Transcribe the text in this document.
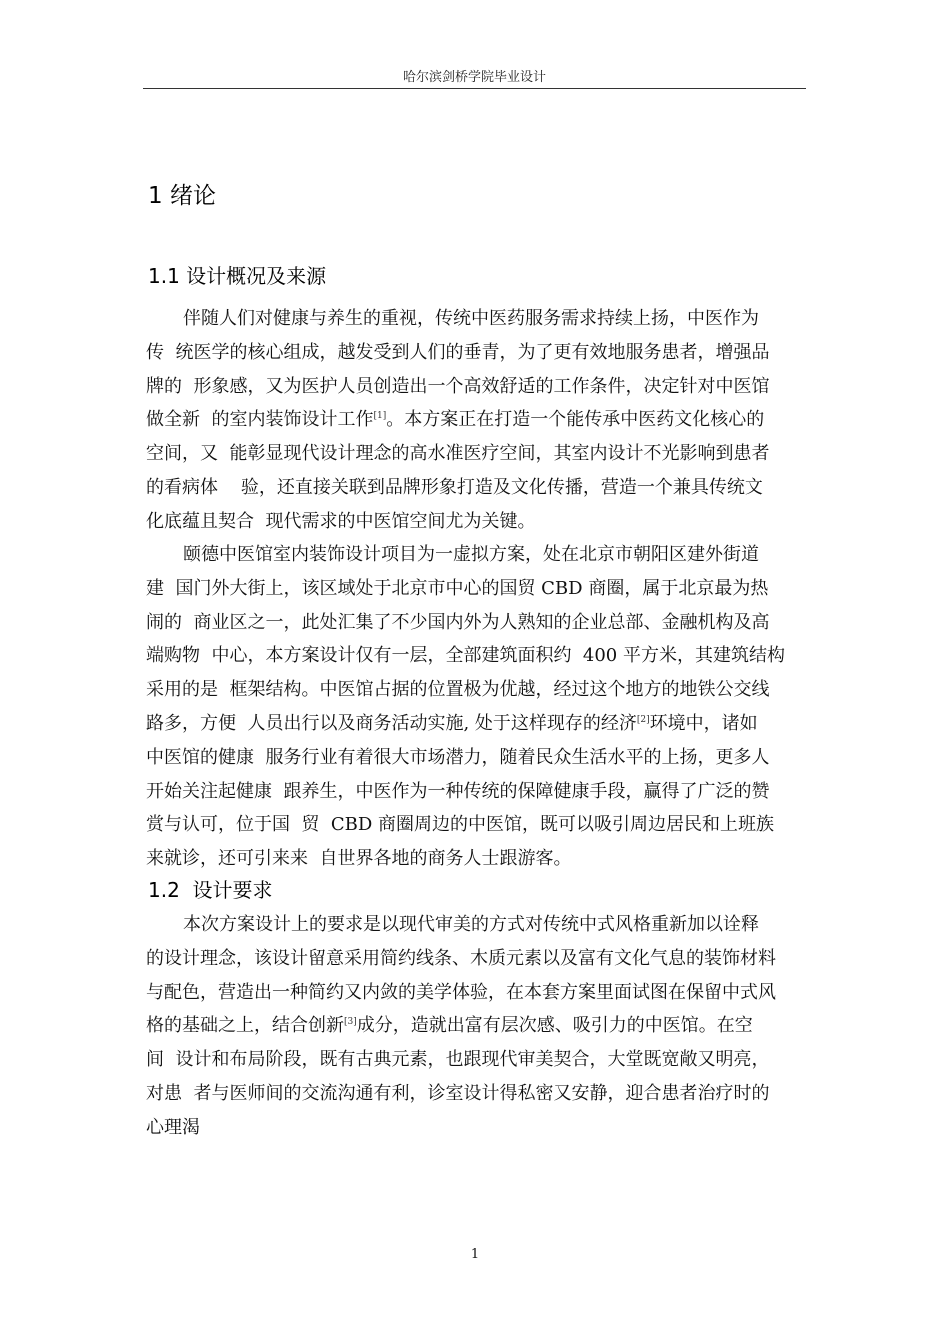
哈尔滨剑桥学院毕业设计
1 绪论
1.1 设计概况及来源
伴随人们对健康与养生的重视，传统中医药服务需求持续上扬，中医作为
传  统医学的核心组成，越发受到人们的垂青，为了更有效地服务患者，增强品
牌的  形象感，又为医护人员创造出一个高效舒适的工作条件，决定针对中医馆
做全新  的室内装饰设计工作[1]。本方案正在打造一个能传承中医药文化核心的
空间，又  能彰显现代设计理念的高水准医疗空间，其室内设计不光影响到患者
的看病体    验，还直接关联到品牌形象打造及文化传播，营造一个兼具传统文
化底蕴且契合  现代需求的中医馆空间尤为关键。
颐德中医馆室内装饰设计项目为一虚拟方案，处在北京市朝阳区建外街道
建  国门外大街上，该区域处于北京市中心的国贸 CBD 商圈，属于北京最为热
闹的  商业区之一，此处汇集了不少国内外为人熟知的企业总部、金融机构及高
端购物  中心，本方案设计仅有一层，全部建筑面积约  400 平方米，其建筑结构
采用的是  框架结构。中医馆占据的位置极为优越，经过这个地方的地铁公交线
路多，方便  人员出行以及商务活动实施, 处于这样现存的经济[2]环境中，诸如
中医馆的健康  服务行业有着很大市场潜力，随着民众生活水平的上扬，更多人
开始关注起健康  跟养生，中医作为一种传统的保障健康手段，赢得了广泛的赞
赏与认可，位于国  贸  CBD 商圈周边的中医馆，既可以吸引周边居民和上班族
来就诊，还可引来来  自世界各地的商务人士跟游客。
1.2  设计要求
本次方案设计上的要求是以现代审美的方式对传统中式风格重新加以诠释
的设计理念，该设计留意采用简约线条、木质元素以及富有文化气息的装饰材料
与配色，营造出一种简约又内敛的美学体验，在本套方案里面试图在保留中式风
格的基础之上，结合创新[3]成分，造就出富有层次感、吸引力的中医馆。在空
间  设计和布局阶段，既有古典元素，也跟现代审美契合，大堂既宽敞又明亮，
对患  者与医师间的交流沟通有利，诊室设计得私密又安静，迎合患者治疗时的
心理渴
1
